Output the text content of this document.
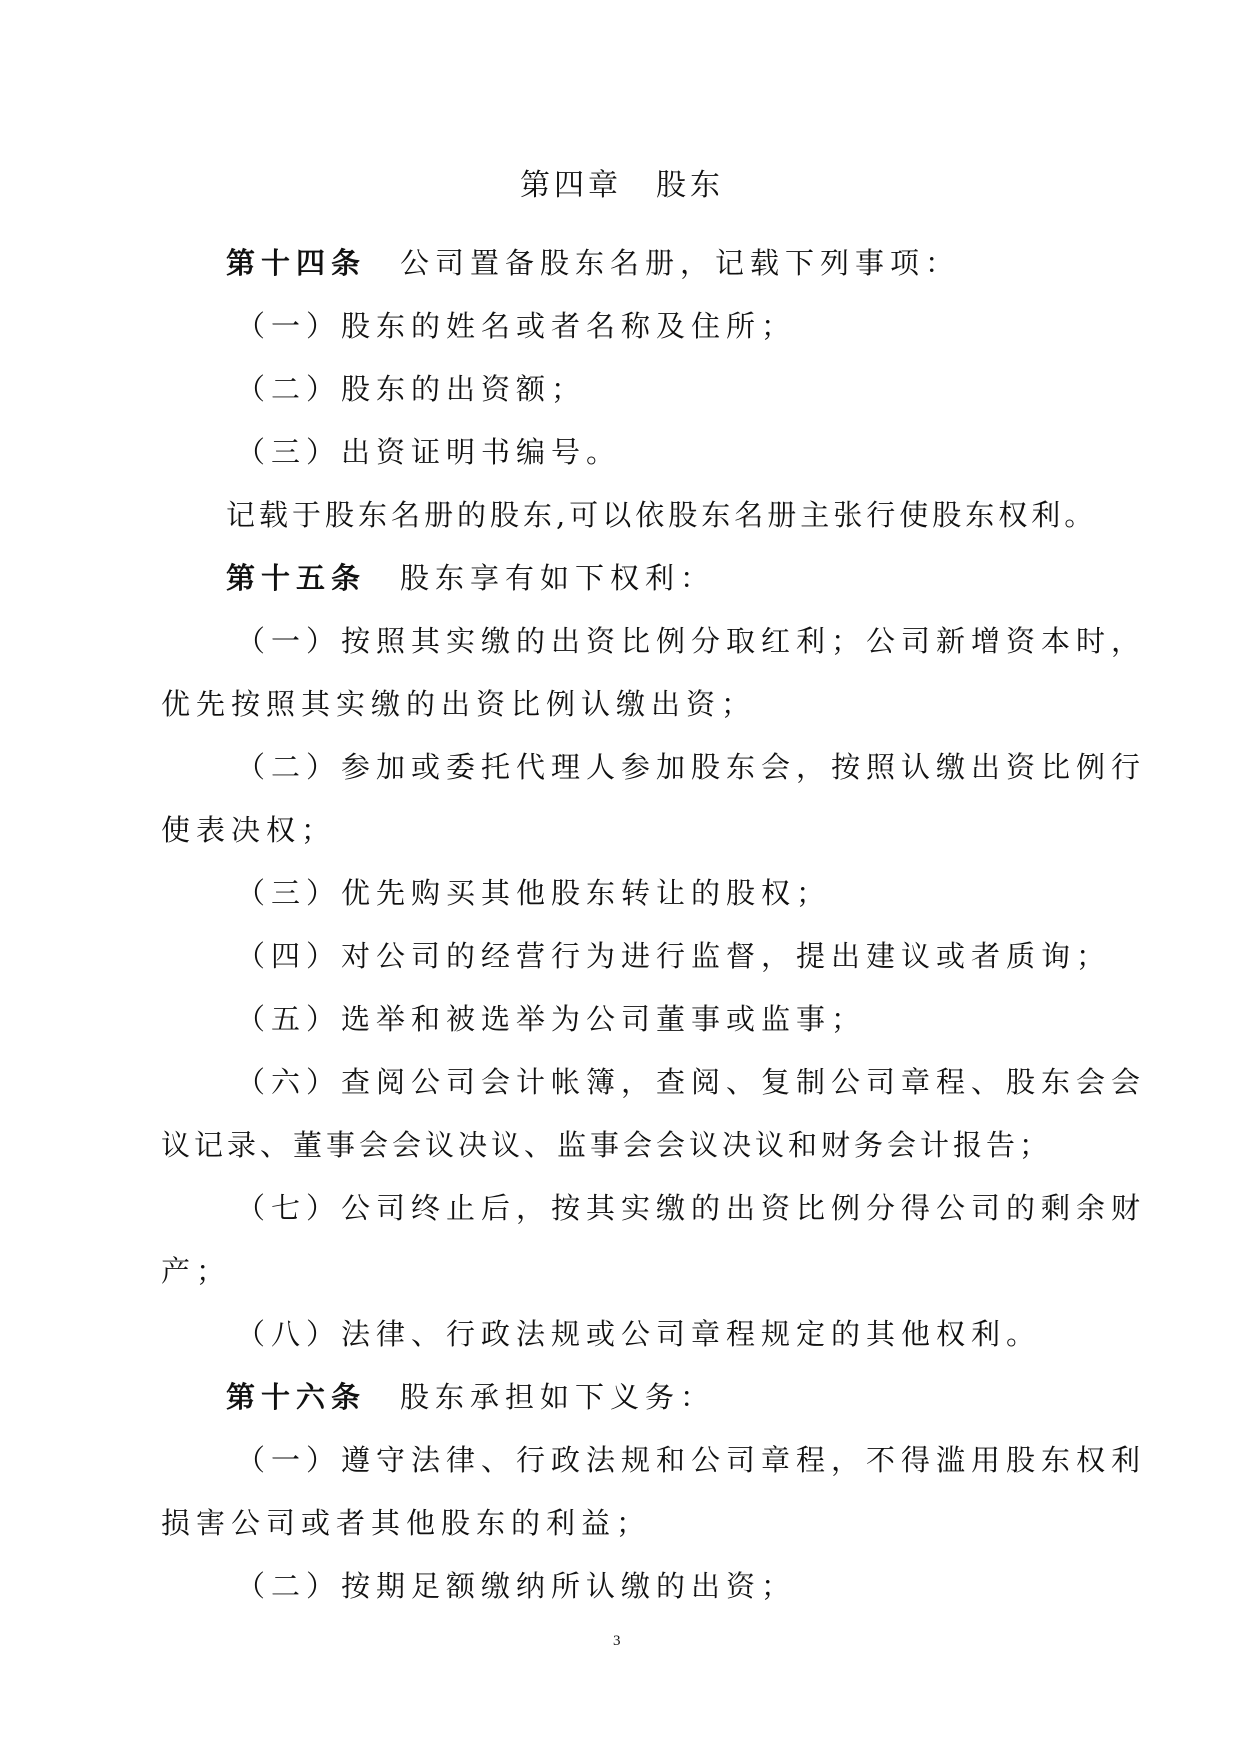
第四章　股东
第十四条 公司置备股东名册，记载下列事项：
（一）股东的姓名或者名称及住所；
（二）股东的出资额；
（三）出资证明书编号。
记载于股东名册的股东,可以依股东名册主张行使股东权利。
第十五条 股东享有如下权利：
（一）按照其实缴的出资比例分取红利；公司新增资本时，
优先按照其实缴的出资比例认缴出资；
（二）参加或委托代理人参加股东会，按照认缴出资比例行
使表决权；
（三）优先购买其他股东转让的股权；
（四）对公司的经营行为进行监督，提出建议或者质询；
（五）选举和被选举为公司董事或监事；
（六）查阅公司会计帐簿，查阅、复制公司章程、股东会会
议记录、董事会会议决议、监事会会议决议和财务会计报告；
（七）公司终止后，按其实缴的出资比例分得公司的剩余财
产；
（八）法律、行政法规或公司章程规定的其他权利。
第十六条 股东承担如下义务：
（一）遵守法律、行政法规和公司章程，不得滥用股东权利
损害公司或者其他股东的利益；
（二）按期足额缴纳所认缴的出资；
3
